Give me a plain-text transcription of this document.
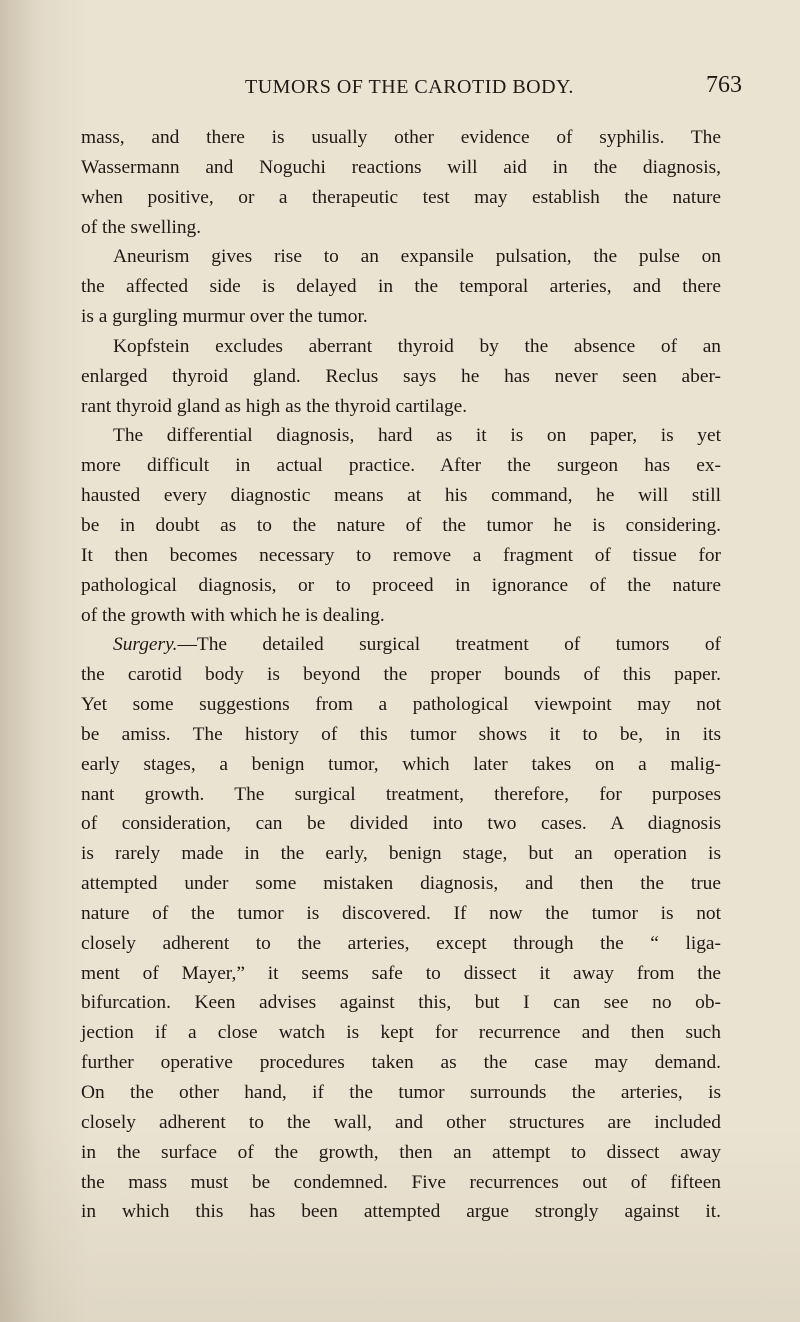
TUMORS OF THE CAROTID BODY.	763

mass, and there is usually other evidence of syphilis. The
Wassermann and Noguchi reactions will aid in the diagnosis,
when positive, or a therapeutic test may establish the nature
of the swelling.

Aneurism gives rise to an expansile pulsation, the pulse on
the affected side is delayed in the temporal arteries, and there
is a gurgling murmur over the tumor.

Kopfstein excludes aberrant thyroid by the absence of an
enlarged thyroid gland. Reclus says he has never seen aber-
rant thyroid gland as high as the thyroid cartilage.

The differential diagnosis, hard as it is on paper, is yet
more difficult in actual practice. After the surgeon has ex-
hausted every diagnostic means at his command, he will still
be in doubt as to the nature of the tumor he is considering.
It then becomes necessary to remove a fragment of tissue for
pathological diagnosis, or to proceed in ignorance of the nature
of the growth with which he is dealing.

Surgery.—The detailed surgical treatment of tumors of
the carotid body is beyond the proper bounds of this paper.
Yet some suggestions from a pathological viewpoint may not
be amiss. The history of this tumor shows it to be, in its
early stages, a benign tumor, which later takes on a malig-
nant growth. The surgical treatment, therefore, for purposes
of consideration, can be divided into two cases. A diagnosis
is rarely made in the early, benign stage, but an operation is
attempted under some mistaken diagnosis, and then the true
nature of the tumor is discovered. If now the tumor is not
closely adherent to the arteries, except through the “ liga-
ment of Mayer,” it seems safe to dissect it away from the
bifurcation. Keen advises against this, but I can see no ob-
jection if a close watch is kept for recurrence and then such
further operative procedures taken as the case may demand.
On the other hand, if the tumor surrounds the arteries, is
closely adherent to the wall, and other structures are included
in the surface of the growth, then an attempt to dissect away
the mass must be condemned. Five recurrences out of fifteen
in which this has been attempted argue strongly against it.
